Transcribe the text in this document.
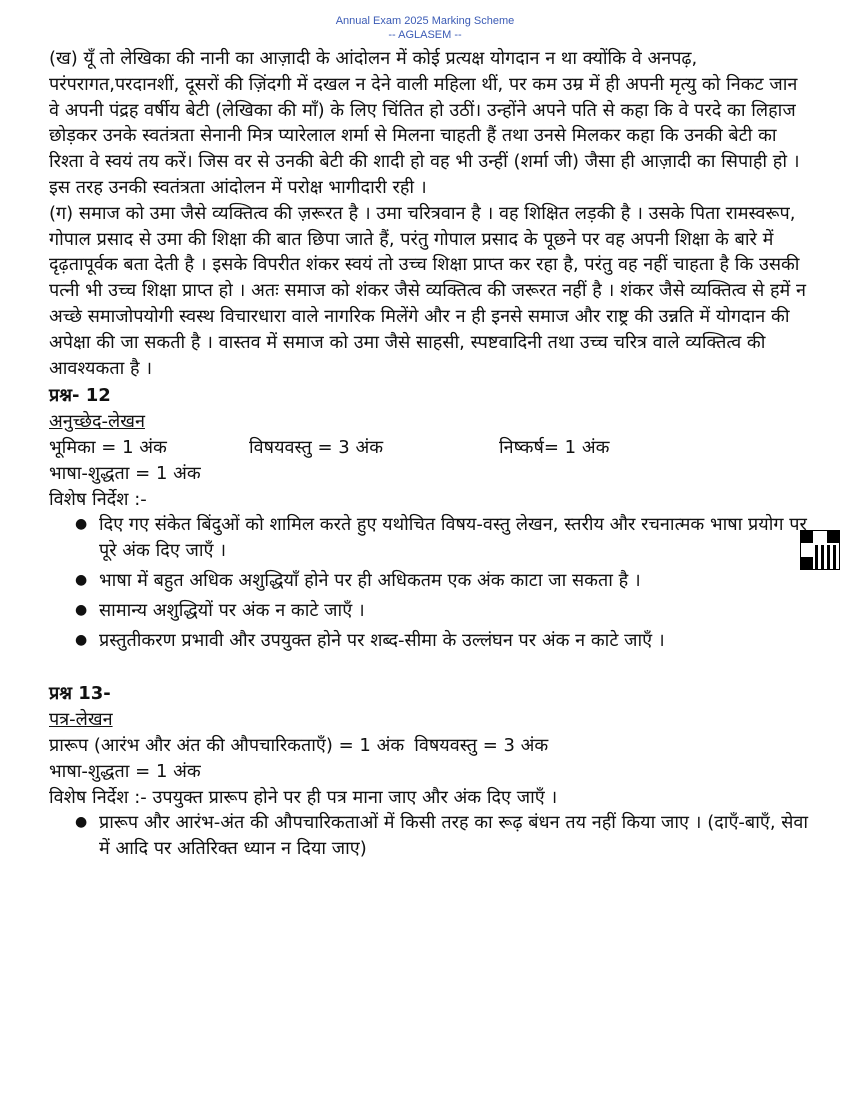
Annual Exam 2025 Marking Scheme
-- AGLASEM --

(ख) यूँ तो लेखिका की नानी का आज़ादी के आंदोलन में कोई प्रत्यक्ष योगदान न था क्योंकि वे अनपढ़, परंपरागत,परदानशीं, दूसरों की ज़िंदगी में दखल न देने वाली महिला थीं, पर कम उम्र में ही अपनी मृत्यु को निकट जान वे अपनी पंद्रह वर्षीय बेटी (लेखिका की माँ) के लिए चिंतित हो उठीं। उन्होंने अपने पति से कहा कि वे परदे का लिहाज छोड़कर उनके स्वतंत्रता सेनानी मित्र प्यारेलाल शर्मा से मिलना चाहती हैं तथा उनसे मिलकर कहा कि उनकी बेटी का रिश्ता वे स्वयं तय करें। जिस वर से उनकी बेटी की शादी हो वह भी उन्हीं (शर्मा जी) जैसा ही आज़ादी का सिपाही हो । इस तरह उनकी स्वतंत्रता आंदोलन में परोक्ष भागीदारी रही ।

(ग) समाज को उमा जैसे व्यक्तित्व की ज़रूरत है । उमा चरित्रवान है । वह शिक्षित लड़की है । उसके पिता रामस्वरूप, गोपाल प्रसाद से उमा की शिक्षा की बात छिपा जाते हैं, परंतु गोपाल प्रसाद के पूछने पर वह अपनी शिक्षा के बारे में दृढ़तापूर्वक बता देती है । इसके विपरीत शंकर स्वयं तो उच्च शिक्षा प्राप्त कर रहा है, परंतु वह नहीं चाहता है कि उसकी पत्नी भी उच्च शिक्षा प्राप्त हो । अतः समाज को शंकर जैसे व्यक्तित्व की जरूरत नहीं है । शंकर जैसे व्यक्तित्व से हमें न अच्छे समाजोपयोगी स्वस्थ विचारधारा वाले नागरिक मिलेंगे और न ही इनसे समाज और राष्ट्र की उन्नति में योगदान की अपेक्षा की जा सकती है । वास्तव में समाज को उमा जैसे साहसी, स्पष्टवादिनी तथा उच्च चरित्र वाले व्यक्तित्व की आवश्यकता है ।

प्रश्न- 12

अनुच्छेद-लेखन

भूमिका = 1 अंक	विषयवस्तु = 3 अंक	निष्कर्ष= 1 अंक

भाषा-शुद्धता = 1 अंक

विशेष निर्देश :-

● दिए गए संकेत बिंदुओं को शामिल करते हुए यथोचित विषय-वस्तु लेखन, स्तरीय और रचनात्मक भाषा प्रयोग पर पूरे अंक दिए जाएँ ।
● भाषा में बहुत अधिक अशुद्धियाँ होने पर ही अधिकतम एक अंक काटा जा सकता है ।
● सामान्य अशुद्धियों पर अंक न काटे जाएँ ।
● प्रस्तुतीकरण प्रभावी और उपयुक्त होने पर शब्द-सीमा के उल्लंघन पर अंक न काटे जाएँ ।

प्रश्न 13-

पत्र-लेखन

प्रारूप (आरंभ और अंत की औपचारिकताएँ) = 1 अंक विषयवस्तु = 3 अंक

भाषा-शुद्धता = 1 अंक

विशेष निर्देश :- उपयुक्त प्रारूप होने पर ही पत्र माना जाए और अंक दिए जाएँ ।

● प्रारूप और आरंभ-अंत की औपचारिकताओं में किसी तरह का रूढ़ बंधन तय नहीं किया जाए । (दाएँ-बाएँ, सेवा में आदि पर अतिरिक्त ध्यान न दिया जाए)
